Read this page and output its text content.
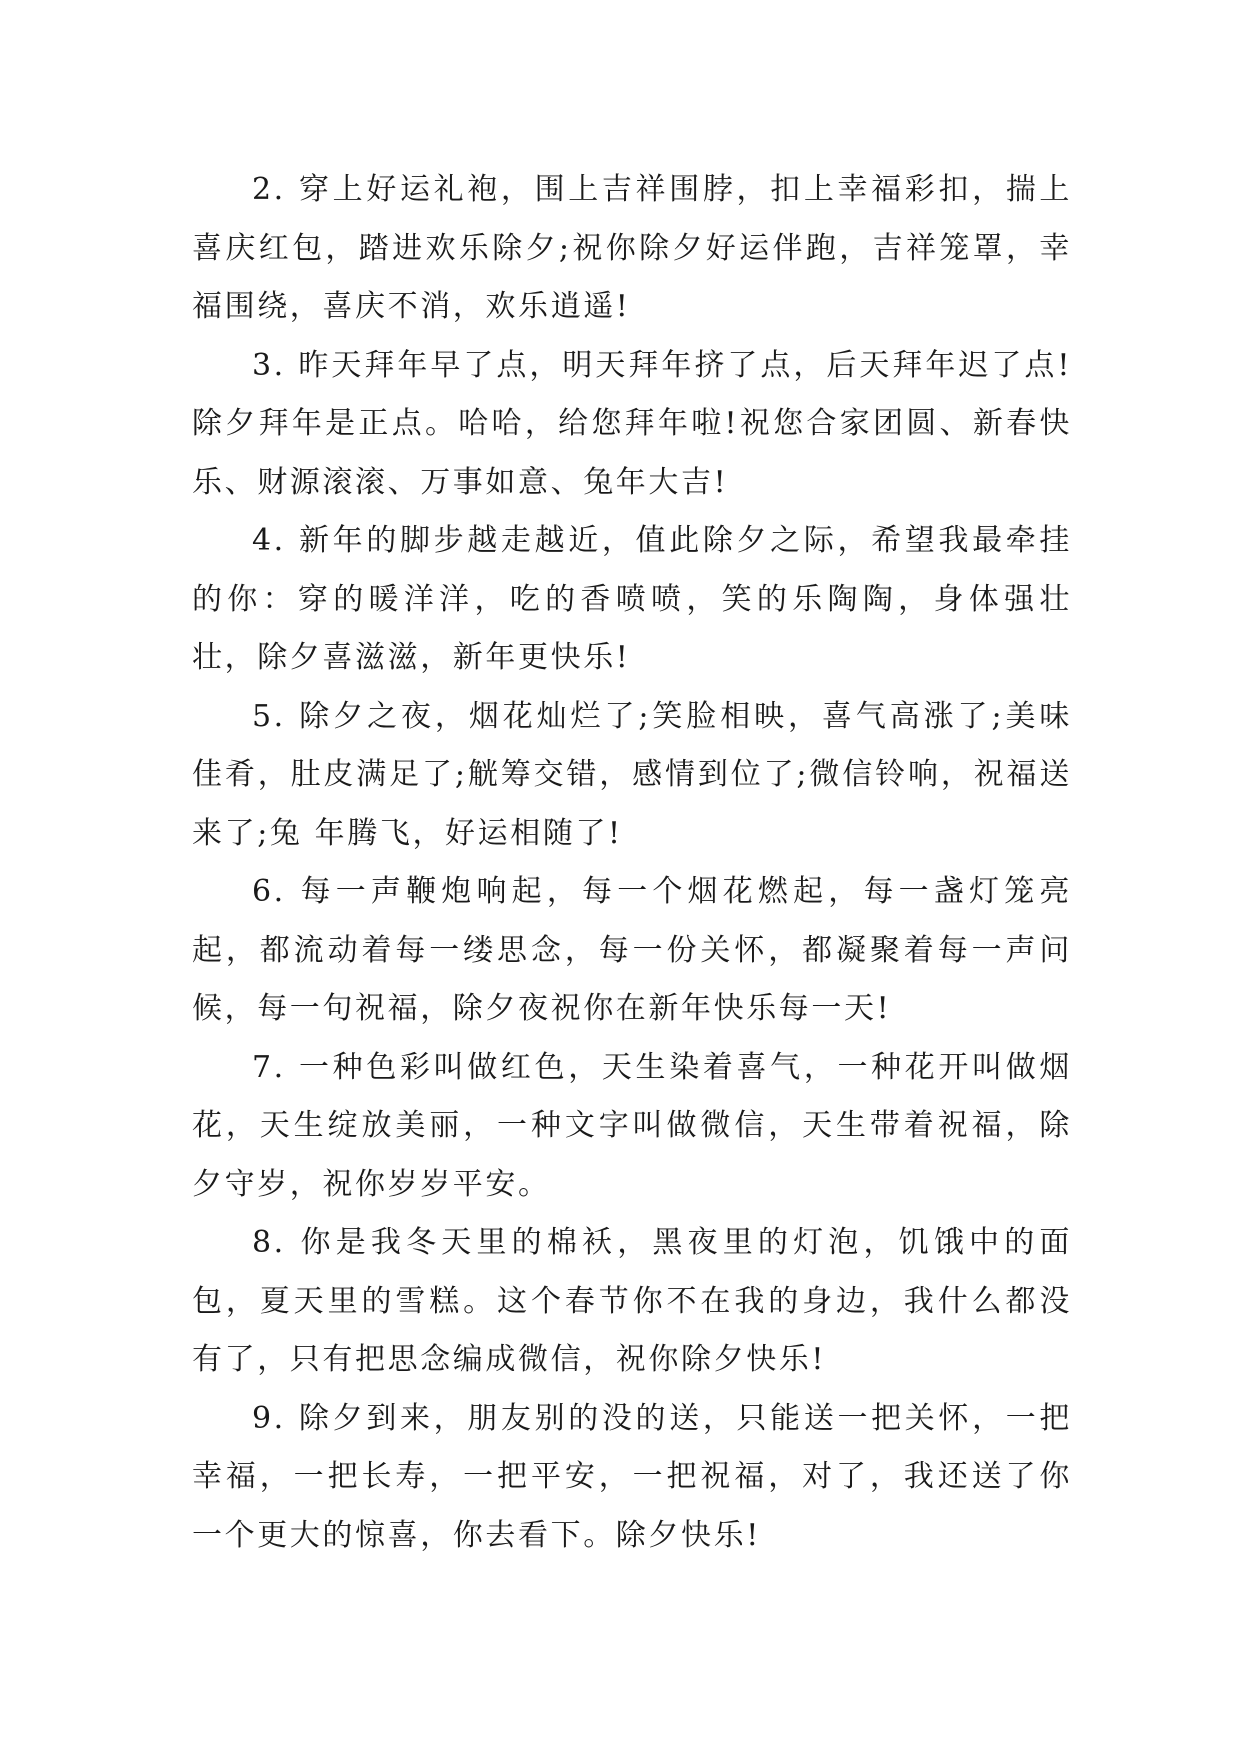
2. 穿上好运礼袍，围上吉祥围脖，扣上幸福彩扣，揣上喜庆红包，踏进欢乐除夕;祝你除夕好运伴跑，吉祥笼罩，幸福围绕，喜庆不消，欢乐逍遥!

3. 昨天拜年早了点，明天拜年挤了点，后天拜年迟了点!除夕拜年是正点。哈哈，给您拜年啦!祝您合家团圆、新春快乐、财源滚滚、万事如意、兔年大吉!

4. 新年的脚步越走越近，值此除夕之际，希望我最牵挂的你：穿的暖洋洋，吃的香喷喷，笑的乐陶陶，身体强壮壮，除夕喜滋滋，新年更快乐!

5. 除夕之夜，烟花灿烂了;笑脸相映，喜气高涨了;美味佳肴，肚皮满足了;觥筹交错，感情到位了;微信铃响，祝福送来了;兔 年腾飞，好运相随了!

6. 每一声鞭炮响起，每一个烟花燃起，每一盏灯笼亮起，都流动着每一缕思念，每一份关怀，都凝聚着每一声问候，每一句祝福，除夕夜祝你在新年快乐每一天!

7. 一种色彩叫做红色，天生染着喜气，一种花开叫做烟花，天生绽放美丽，一种文字叫做微信，天生带着祝福，除夕守岁，祝你岁岁平安。

8. 你是我冬天里的棉袄，黑夜里的灯泡，饥饿中的面包，夏天里的雪糕。这个春节你不在我的身边，我什么都没有了，只有把思念编成微信，祝你除夕快乐!

9. 除夕到来，朋友别的没的送，只能送一把关怀，一把幸福，一把长寿，一把平安，一把祝福，对了，我还送了你一个更大的惊喜，你去看下。除夕快乐!
